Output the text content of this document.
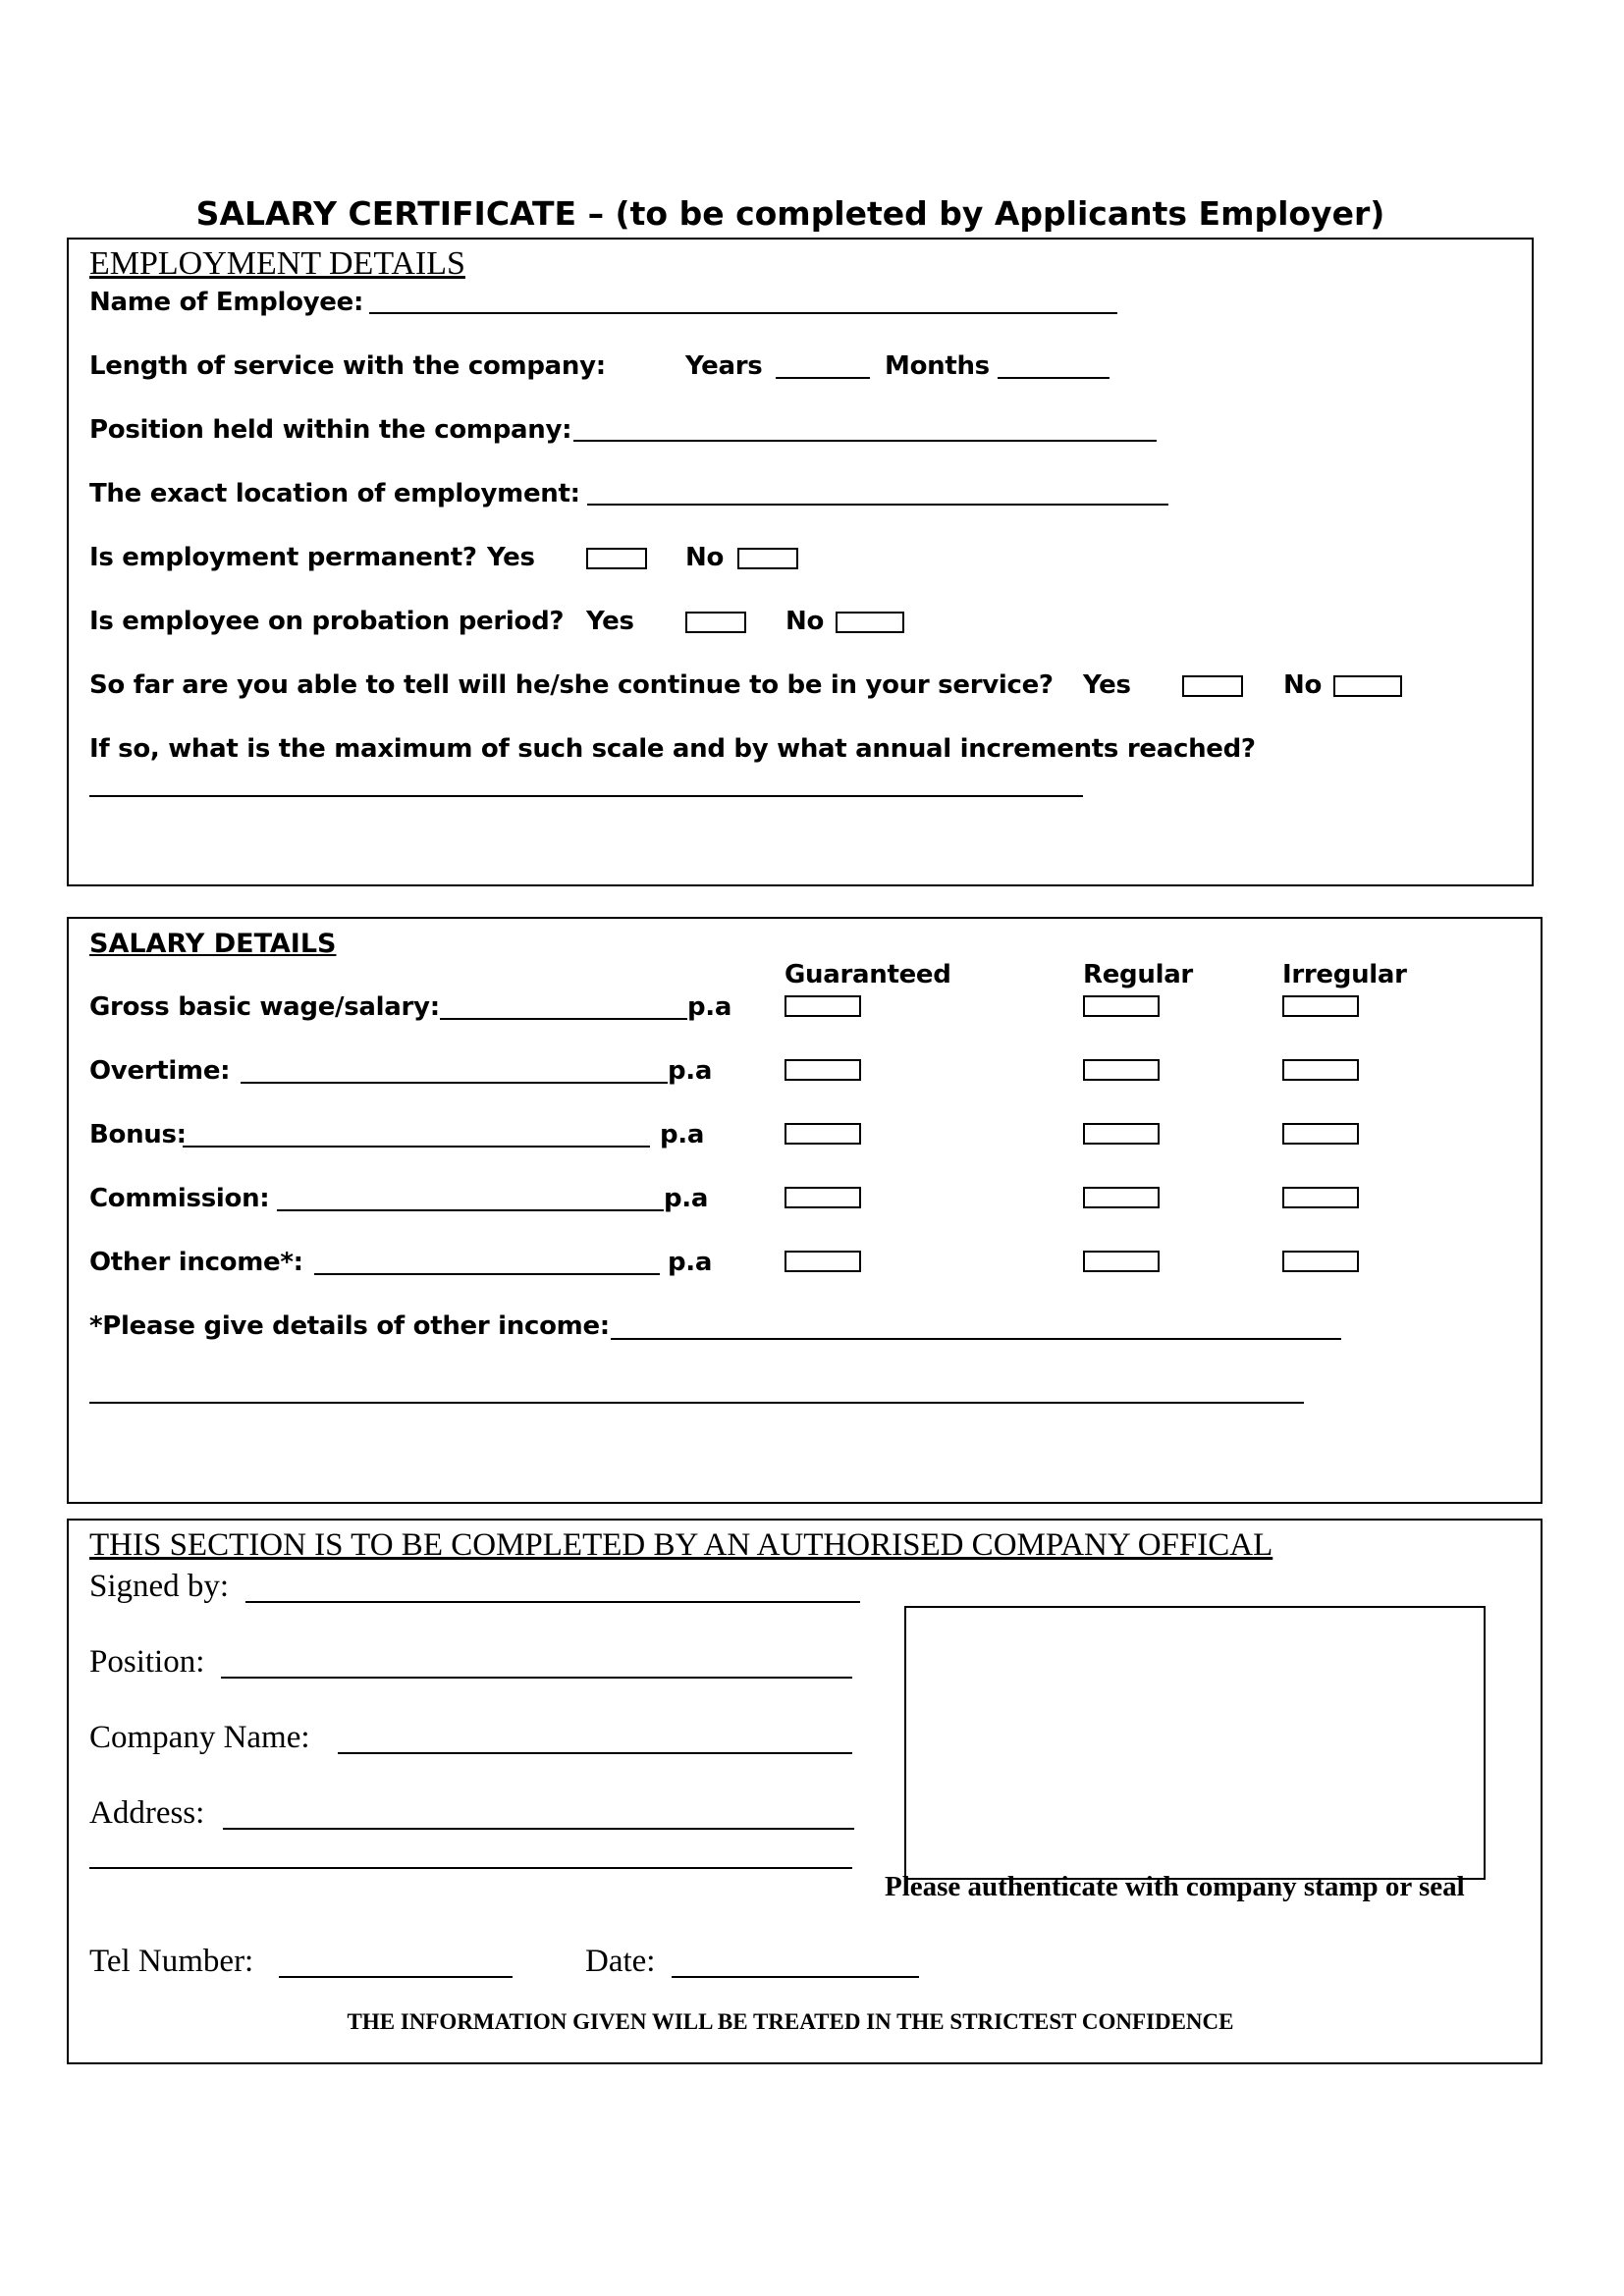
SALARY CERTIFICATE – (to be completed by Applicants Employer)
EMPLOYMENT DETAILS
Name of Employee:
Length of service with the company:	Years	Months
Position held within the company:
The exact location of employment:
Is employment permanent? Yes	No
Is employee on probation period? Yes	No
So far are you able to tell will he/she continue to be in your service? Yes	No
If so, what is the maximum of such scale and by what annual increments reached?
SALARY DETAILS
Guaranteed	Regular	Irregular
Gross basic wage/salary:	p.a
Overtime:	p.a
Bonus:	p.a
Commission:	p.a
Other income*:	p.a
*Please give details of other income:
THIS SECTION IS TO BE COMPLETED BY AN AUTHORISED COMPANY OFFICAL
Signed by:
Position:
Company Name:
Address:
Please authenticate with company stamp or seal
Tel Number:	Date:
THE INFORMATION GIVEN WILL BE TREATED IN THE STRICTEST CONFIDENCE
